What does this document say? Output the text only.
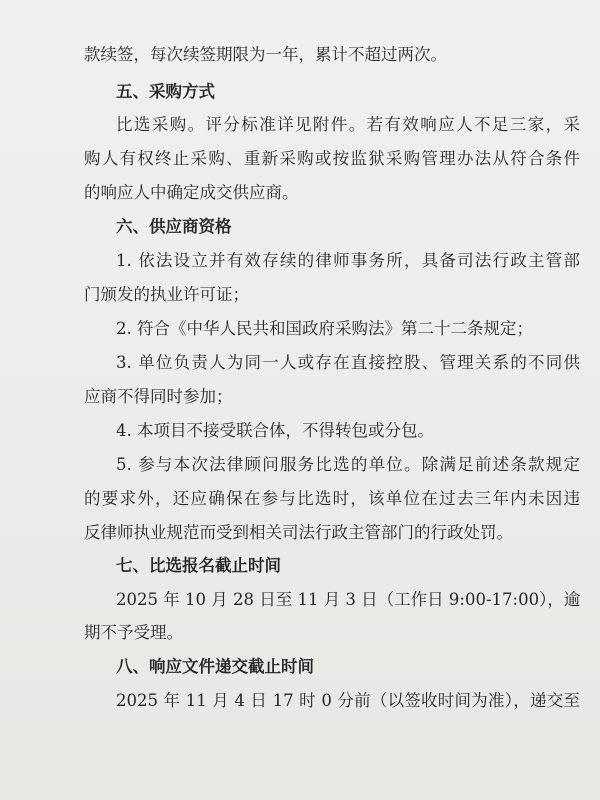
款续签，每次续签期限为一年，累计不超过两次。
五、采购方式
比选采购。评分标准详见附件。若有效响应人不足三家，采
购人有权终止采购、重新采购或按监狱采购管理办法从符合条件
的响应人中确定成交供应商。
六、供应商资格
1. 依法设立并有效存续的律师事务所，具备司法行政主管部
门颁发的执业许可证；
2. 符合《中华人民共和国政府采购法》第二十二条规定；
3. 单位负责人为同一人或存在直接控股、管理关系的不同供
应商不得同时参加；
4. 本项目不接受联合体，不得转包或分包。
5. 参与本次法律顾问服务比选的单位。除满足前述条款规定
的要求外，还应确保在参与比选时，该单位在过去三年内未因违
反律师执业规范而受到相关司法行政主管部门的行政处罚。
七、比选报名截止时间
2025 年 10 月 28 日至 11 月 3 日（工作日 9:00-17:00），逾
期不予受理。
八、响应文件递交截止时间
2025 年 11 月 4 日 17 时 0 分前（以签收时间为准），递交至
